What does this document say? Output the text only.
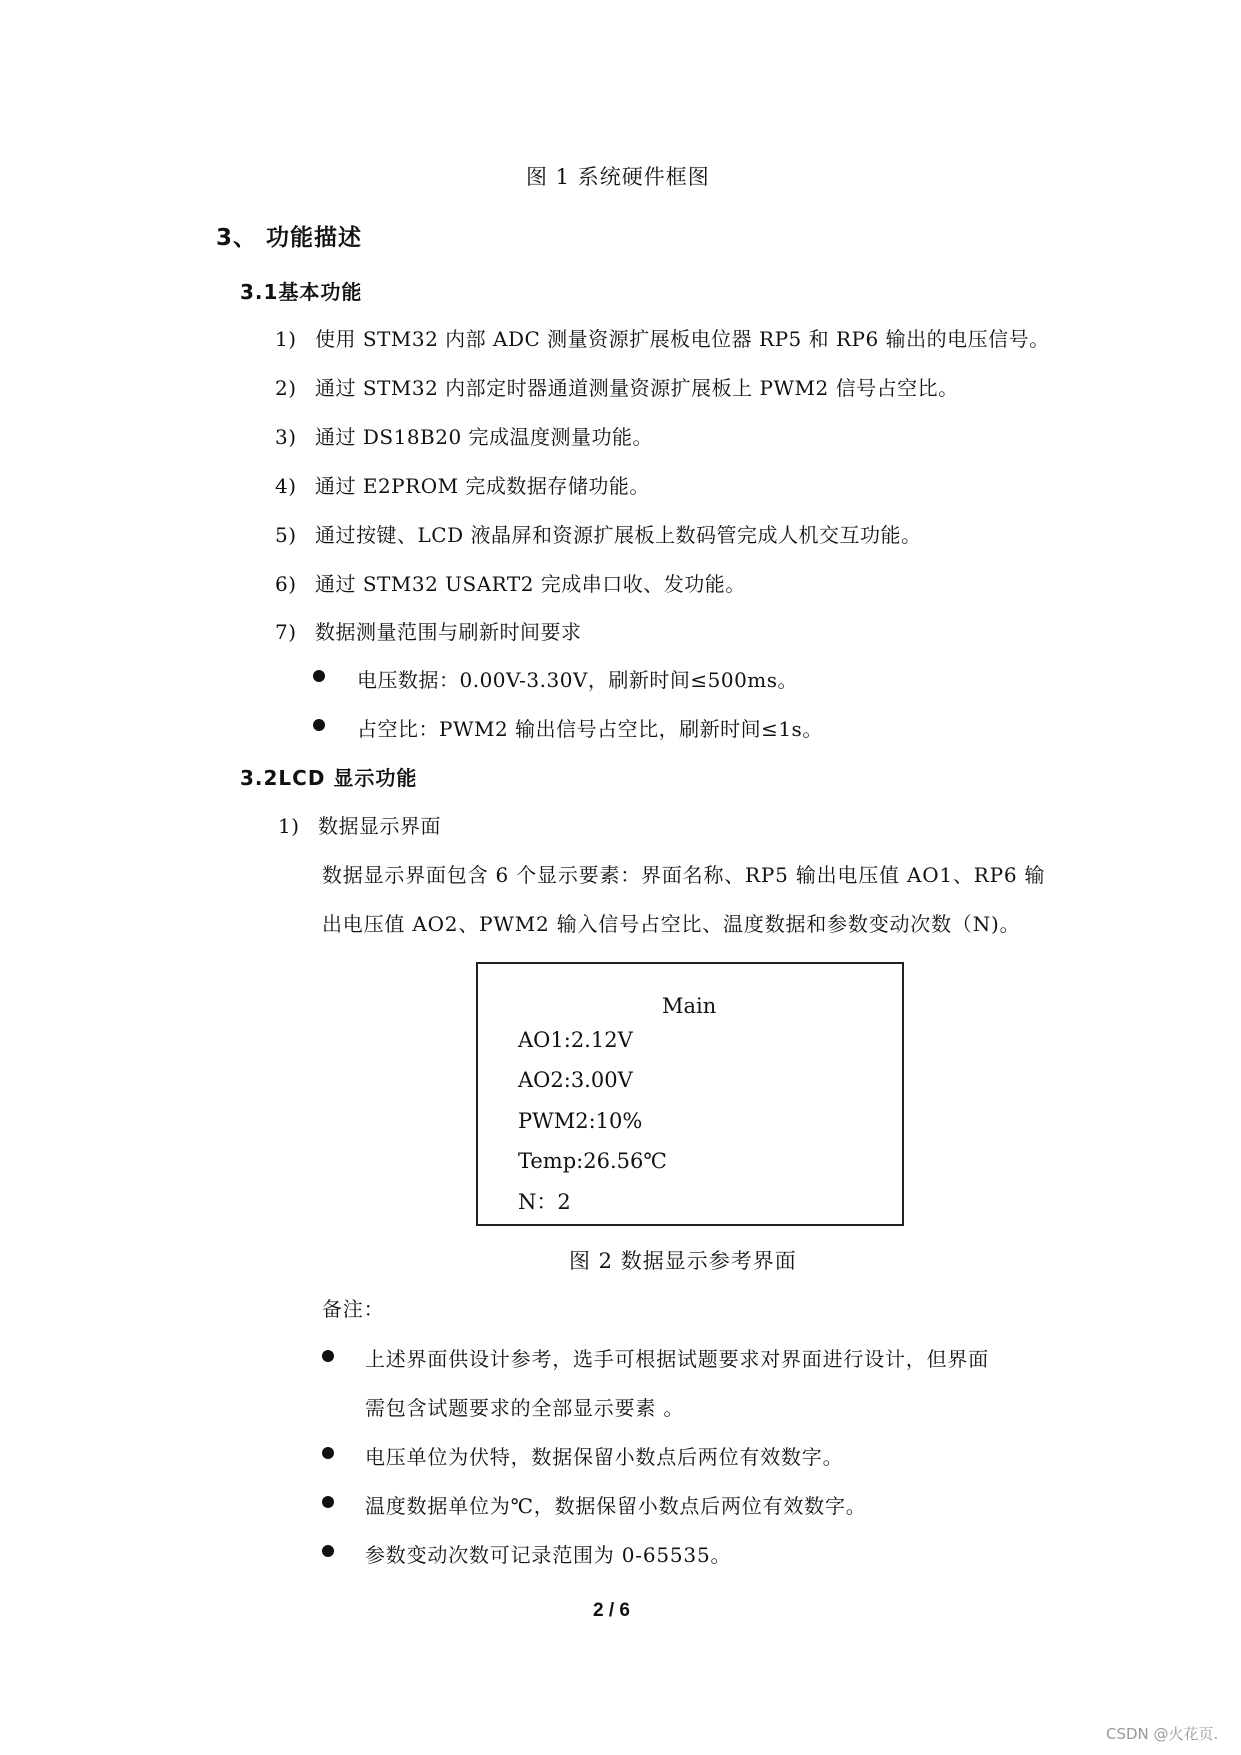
图 1 系统硬件框图
3、 功能描述
3.1基本功能
1) 使用 STM32 内部 ADC 测量资源扩展板电位器 RP5 和 RP6 输出的电压信号。
2) 通过 STM32 内部定时器通道测量资源扩展板上 PWM2 信号占空比。
3) 通过 DS18B20 完成温度测量功能。
4) 通过 E2PROM 完成数据存储功能。
5) 通过按键、LCD 液晶屏和资源扩展板上数码管完成人机交互功能。
6) 通过 STM32 USART2 完成串口收、发功能。
7) 数据测量范围与刷新时间要求
电压数据：0.00V-3.30V，刷新时间≤500ms。
占空比：PWM2 输出信号占空比，刷新时间≤1s。
3.2LCD 显示功能
1) 数据显示界面
数据显示界面包含 6 个显示要素：界面名称、RP5 输出电压值 AO1、RP6 输
出电压值 AO2、PWM2 输入信号占空比、温度数据和参数变动次数（N)。
Main
AO1:2.12V
AO2:3.00V
PWM2:10%
Temp:26.56℃
N：2
图 2 数据显示参考界面
备注：
上述界面供设计参考，选手可根据试题要求对界面进行设计，但界面
需包含试题要求的全部显示要素 。
电压单位为伏特，数据保留小数点后两位有效数字。
温度数据单位为℃，数据保留小数点后两位有效数字。
参数变动次数可记录范围为 0-65535。
2 / 6
CSDN @火花页.
